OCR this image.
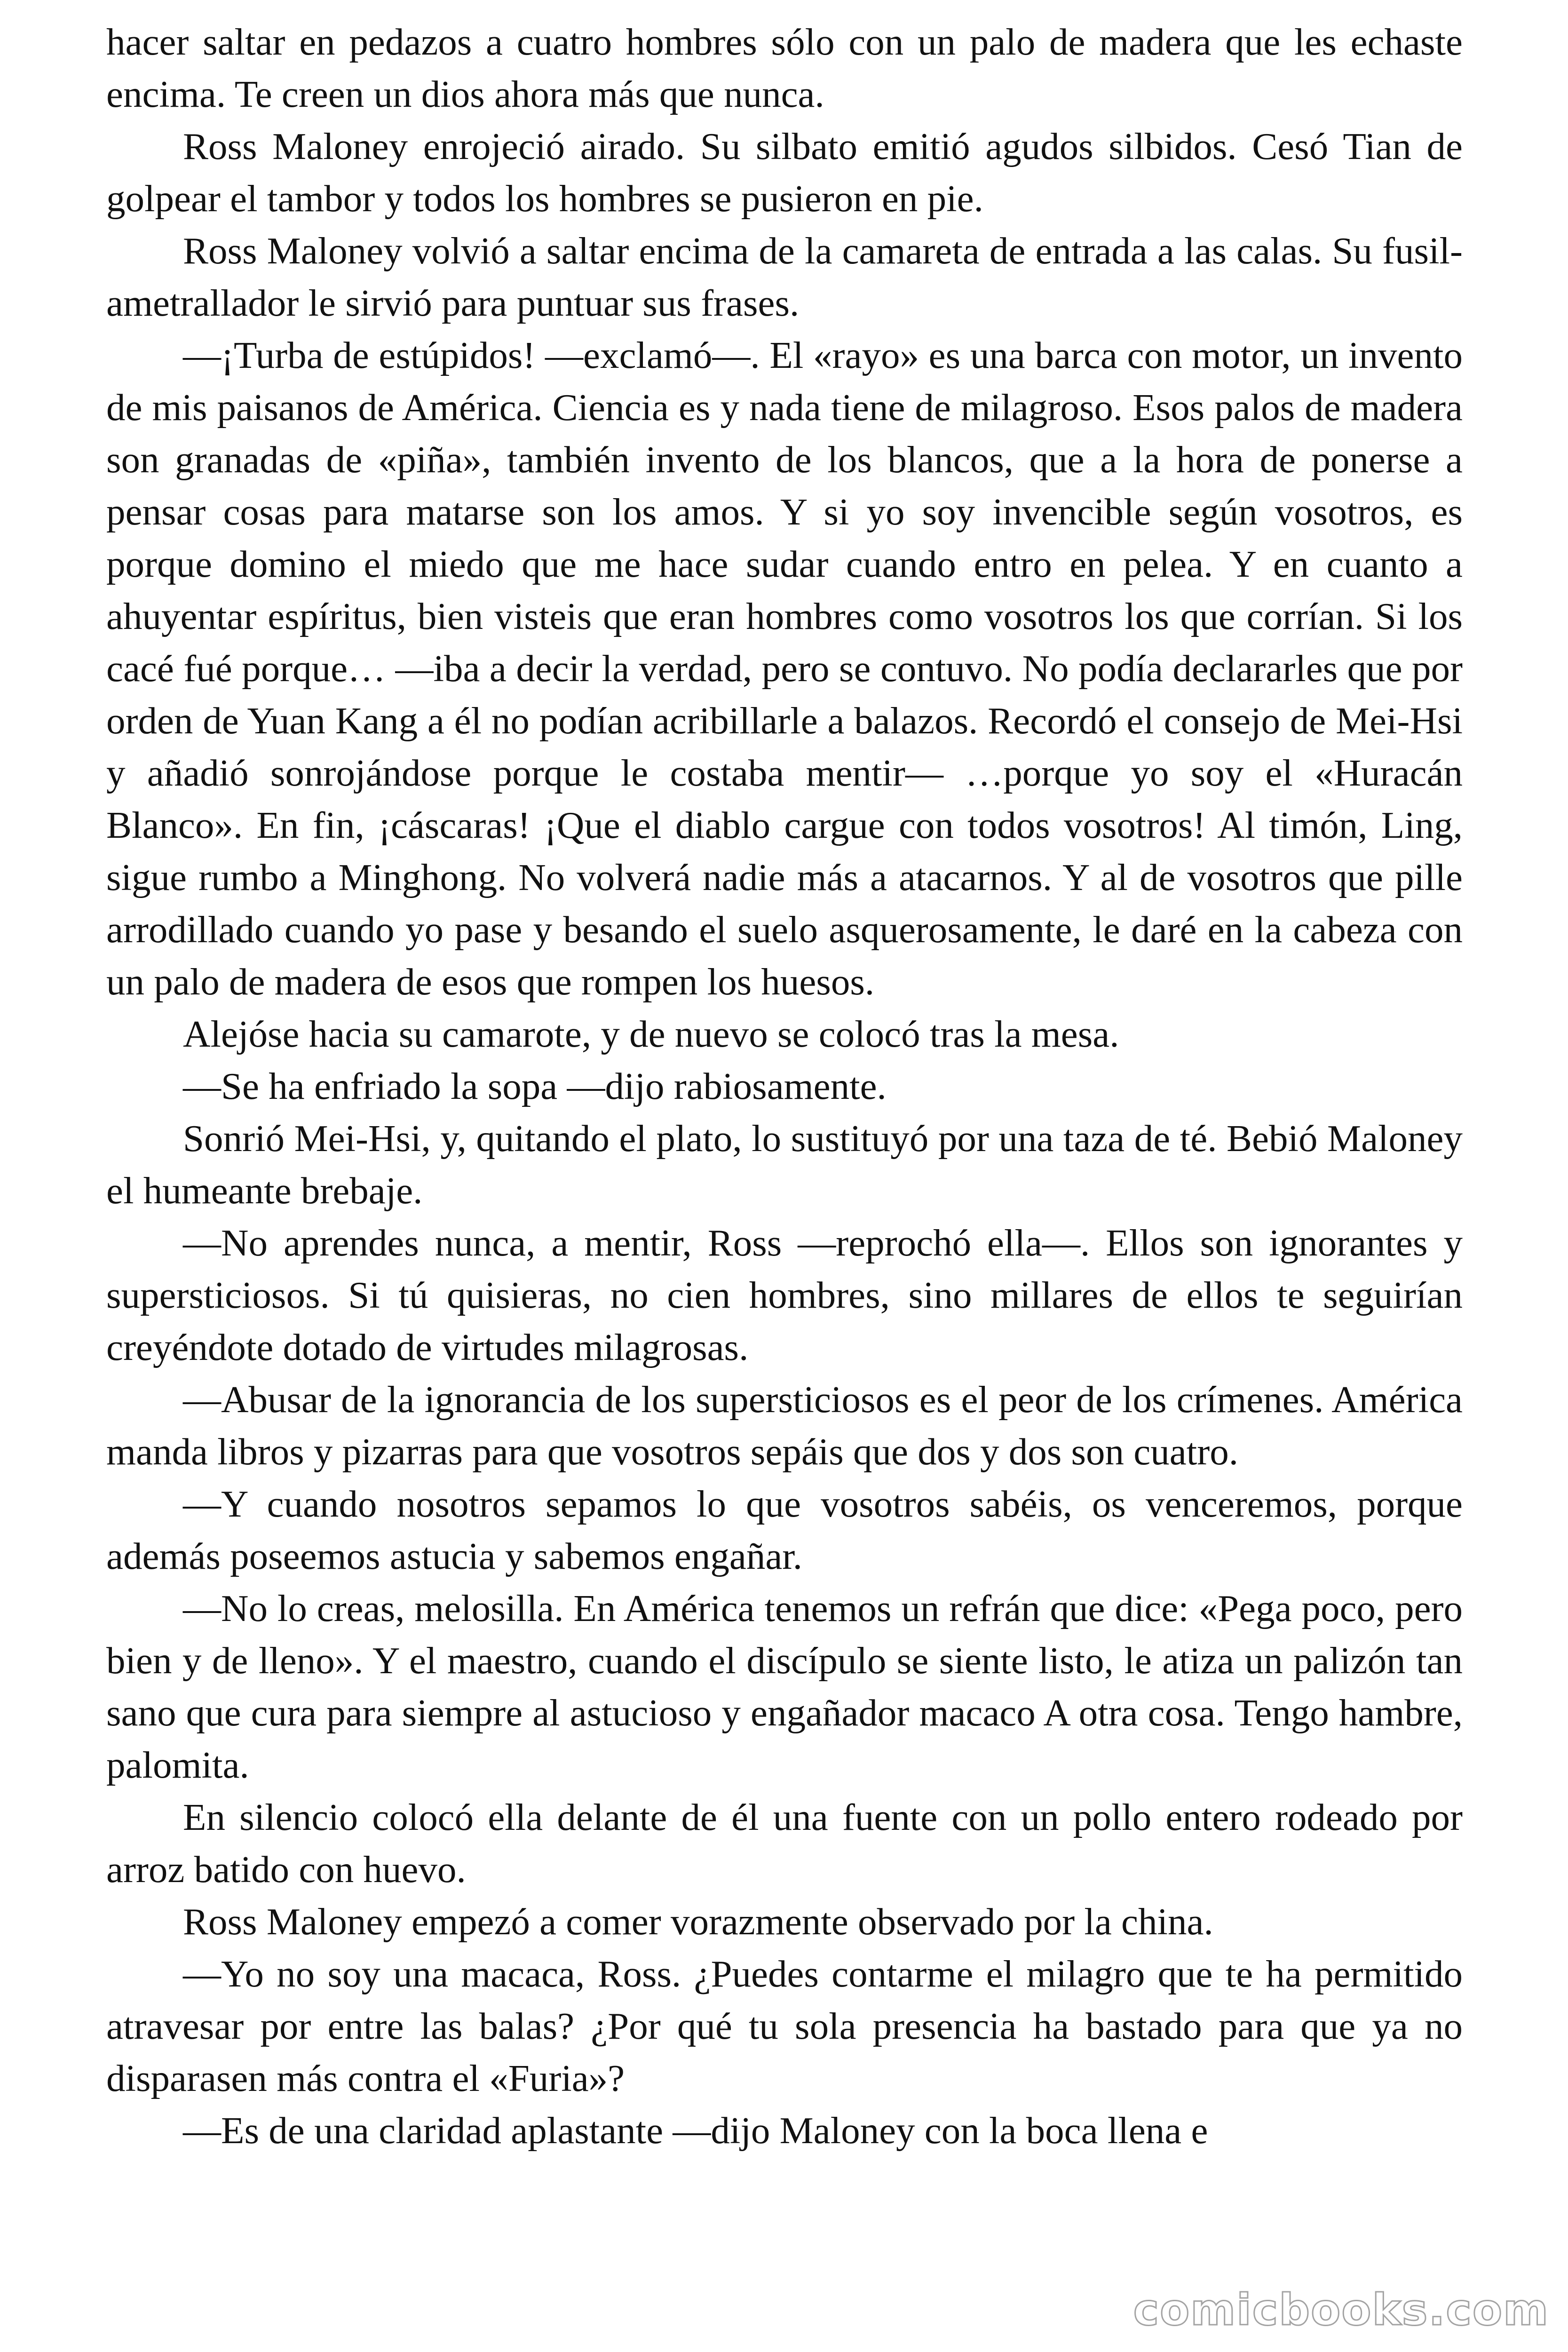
hacer saltar en pedazos a cuatro hombres sólo con un palo de madera que les echaste encima. Te creen un dios ahora más que nunca.

Ross Maloney enrojeció airado. Su silbato emitió agudos silbidos. Cesó Tian de golpear el tambor y todos los hombres se pusieron en pie.

Ross Maloney volvió a saltar encima de la camareta de entrada a las calas. Su fusil-ametrallador le sirvió para puntuar sus frases.

—¡Turba de estúpidos! —exclamó—. El «rayo» es una barca con motor, un invento de mis paisanos de América. Ciencia es y nada tiene de milagroso. Esos palos de madera son granadas de «piña», también invento de los blancos, que a la hora de ponerse a pensar cosas para matarse son los amos. Y si yo soy invencible según vosotros, es porque domino el miedo que me hace sudar cuando entro en pelea. Y en cuanto a ahuyentar espíritus, bien visteis que eran hombres como vosotros los que corrían. Si los cacé fué porque… —iba a decir la verdad, pero se contuvo. No podía declararles que por orden de Yuan Kang a él no podían acribillarle a balazos. Recordó el consejo de Mei-Hsi y añadió sonrojándose porque le costaba mentir— …porque yo soy el «Huracán Blanco». En fin, ¡cáscaras! ¡Que el diablo cargue con todos vosotros! Al timón, Ling, sigue rumbo a Minghong. No volverá nadie más a atacarnos. Y al de vosotros que pille arrodillado cuando yo pase y besando el suelo asquerosamente, le daré en la cabeza con un palo de madera de esos que rompen los huesos.

Alejóse hacia su camarote, y de nuevo se colocó tras la mesa.

—Se ha enfriado la sopa —dijo rabiosamente.

Sonrió Mei-Hsi, y, quitando el plato, lo sustituyó por una taza de té. Bebió Maloney el humeante brebaje.

—No aprendes nunca, a mentir, Ross —reprochó ella—. Ellos son ignorantes y supersticiosos. Si tú quisieras, no cien hombres, sino millares de ellos te seguirían creyéndote dotado de virtudes milagrosas.

—Abusar de la ignorancia de los supersticiosos es el peor de los crímenes. América manda libros y pizarras para que vosotros sepáis que dos y dos son cuatro.

—Y cuando nosotros sepamos lo que vosotros sabéis, os venceremos, porque además poseemos astucia y sabemos engañar.

—No lo creas, melosilla. En América tenemos un refrán que dice: «Pega poco, pero bien y de lleno». Y el maestro, cuando el discípulo se siente listo, le atiza un palizón tan sano que cura para siempre al astucioso y engañador macaco A otra cosa. Tengo hambre, palomita.

En silencio colocó ella delante de él una fuente con un pollo entero rodeado por arroz batido con huevo.

Ross Maloney empezó a comer vorazmente observado por la china.

—Yo no soy una macaca, Ross. ¿Puedes contarme el milagro que te ha permitido atravesar por entre las balas? ¿Por qué tu sola presencia ha bastado para que ya no disparasen más contra el «Furia»?

—Es de una claridad aplastante —dijo Maloney con la boca llena e

comicbooks.com
